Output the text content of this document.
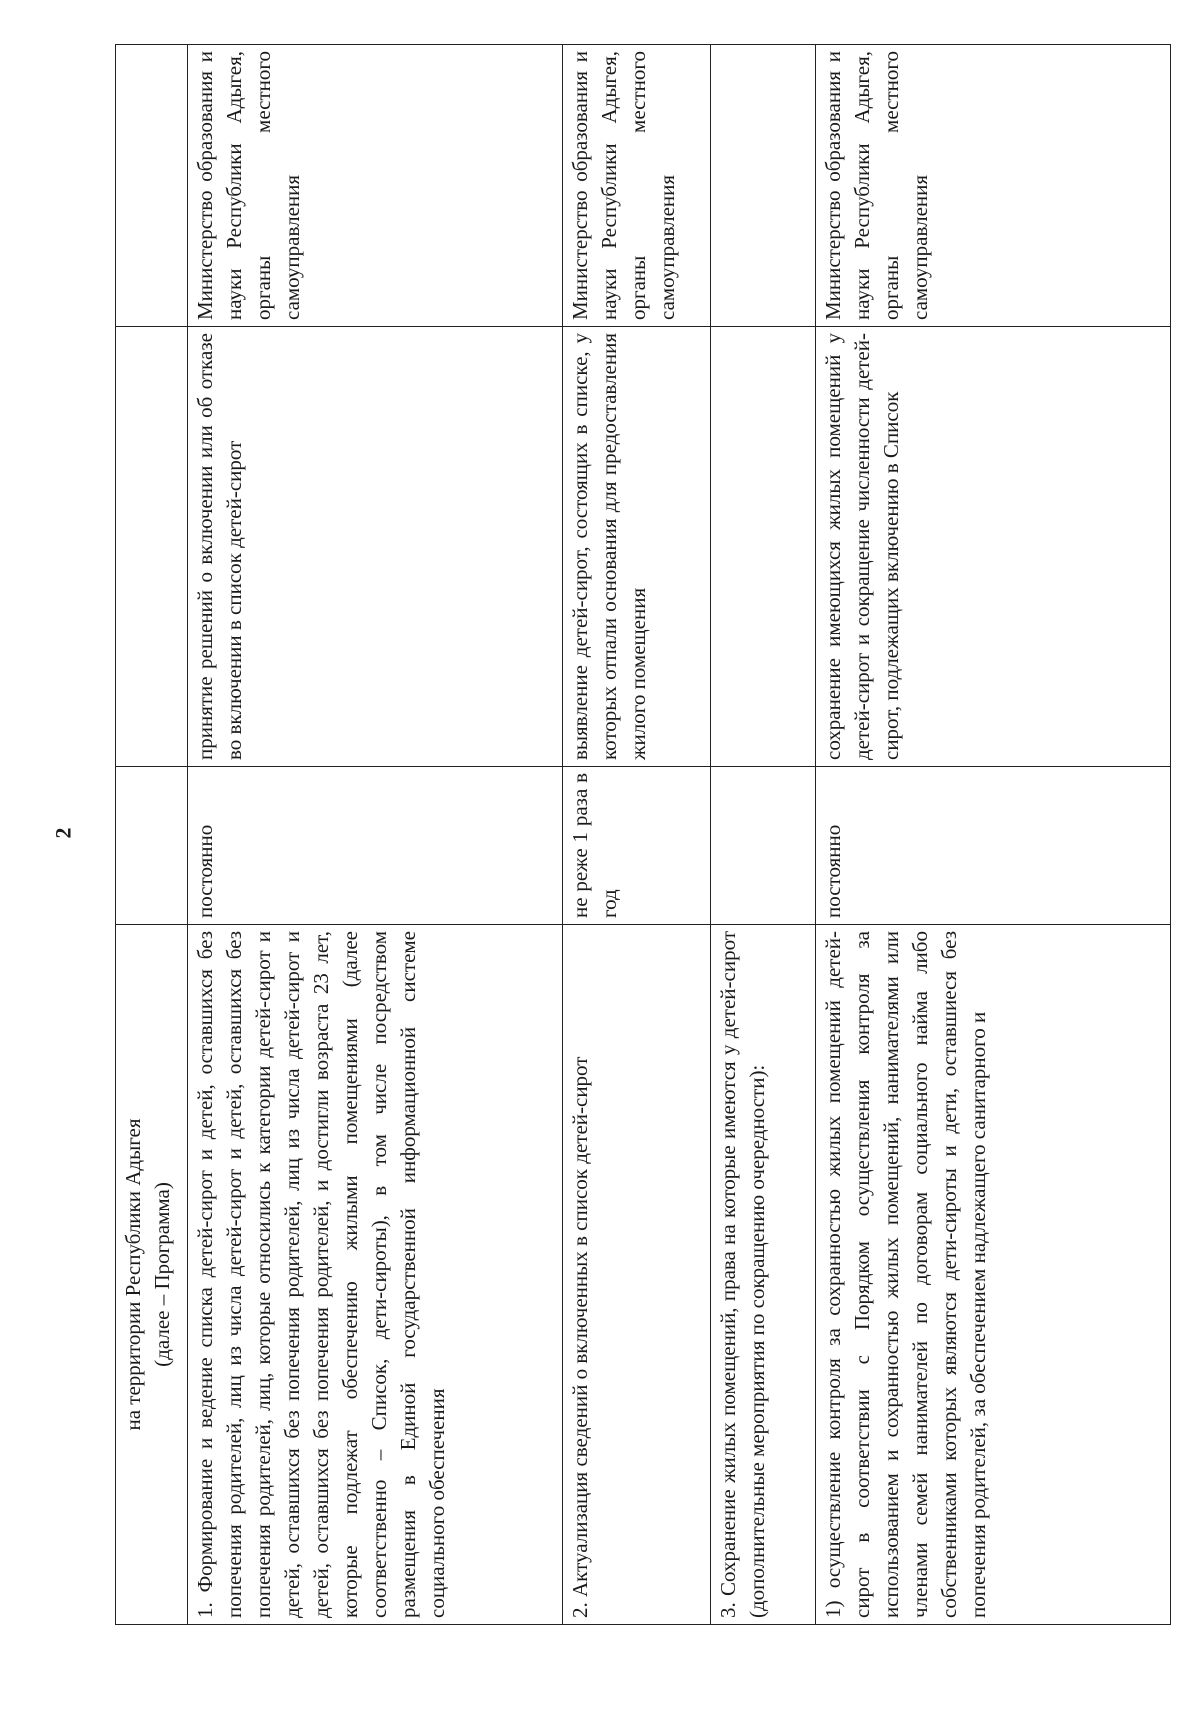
2
на территории Республики Адыгея (далее – Программа)			

1. Формирование и ведение списка детей-сирот и детей, оставшихся без попечения родителей, лиц из числа детей-сирот и детей, оставшихся без попечения родителей, лиц, которые относились к категории детей-сирот и детей, оставшихся без попечения родителей, лиц из числа детей-сирот и детей, оставшихся без попечения родителей, и достигли возраста 23 лет, которые подлежат обеспечению жилыми помещениями (далее соответственно – Список, дети-сироты), в том числе посредством размещения в Единой государственной информационной системе социального обеспечения	постоянно	принятие решений о включении или об отказе во включении в список детей-сирот	Министерство образования и науки Республики Адыгея, органы местного самоуправления
2. Актуализация сведений о включенных в список детей-сирот	не реже 1 раза в год	выявление детей-сирот, состоящих в списке, у которых отпали основания для предоставления жилого помещения	Министерство образования и науки Республики Адыгея, органы местного самоуправления
3. Сохранение жилых помещений, права на которые имеются у детей-сирот (дополнительные мероприятия по сокращению очередности):			
1) осуществление контроля за сохранностью жилых помещений детей-сирот в соответствии с Порядком осуществления контроля за использованием и сохранностью жилых помещений, нанимателями или членами семей нанимателей по договорам социального найма либо собственниками которых являются дети-сироты и дети, оставшиеся без попечения родителей, за обеспечением надлежащего санитарного и	постоянно	сохранение имеющихся жилых помещений у детей-сирот и сокращение численности детей-сирот, подлежащих включению в Список	Министерство образования и науки Республики Адыгея, органы местного самоуправления
